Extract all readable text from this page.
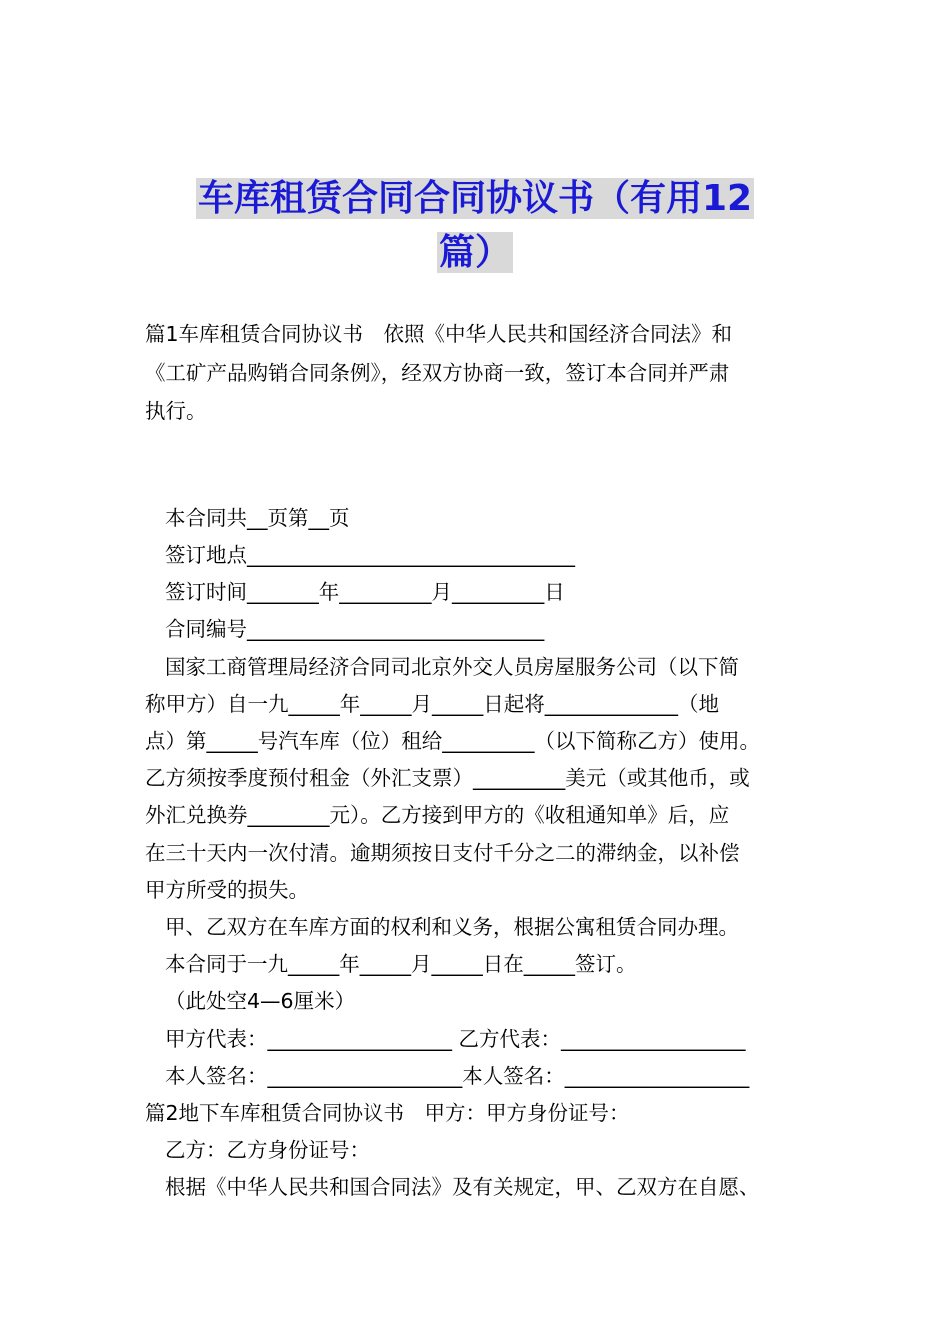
车库租赁合同合同协议书（有用12
篇）

篇1车库租赁合同协议书　依照《中华人民共和国经济合同法》和

《工矿产品购销合同条例》，经双方协商一致，签订本合同并严肃

执行。

本合同共__页第__页

签订地点________________________________

签订时间_______年_________月_________日

合同编号_____________________________

国家工商管理局经济合同司北京外交人员房屋服务公司（以下简

称甲方）自一九_____年_____月_____日起将_____________（地

点）第_____号汽车库（位）租给_________（以下简称乙方）使用。

乙方须按季度预付租金（外汇支票）_________美元（或其他币，或

外汇兑换券________元）。乙方接到甲方的《收租通知单》后，应

在三十天内一次付清。逾期须按日支付千分之二的滞纳金，以补偿

甲方所受的损失。

甲、乙双方在车库方面的权利和义务，根据公寓租赁合同办理。

本合同于一九_____年_____月_____日在_____签订。

（此处空4—6厘米）

甲方代表：__________________ 乙方代表：__________________

本人签名：___________________本人签名：__________________

篇2地下车库租赁合同协议书　甲方：甲方身份证号：

乙方：乙方身份证号：

根据《中华人民共和国合同法》及有关规定，甲、乙双方在自愿、
